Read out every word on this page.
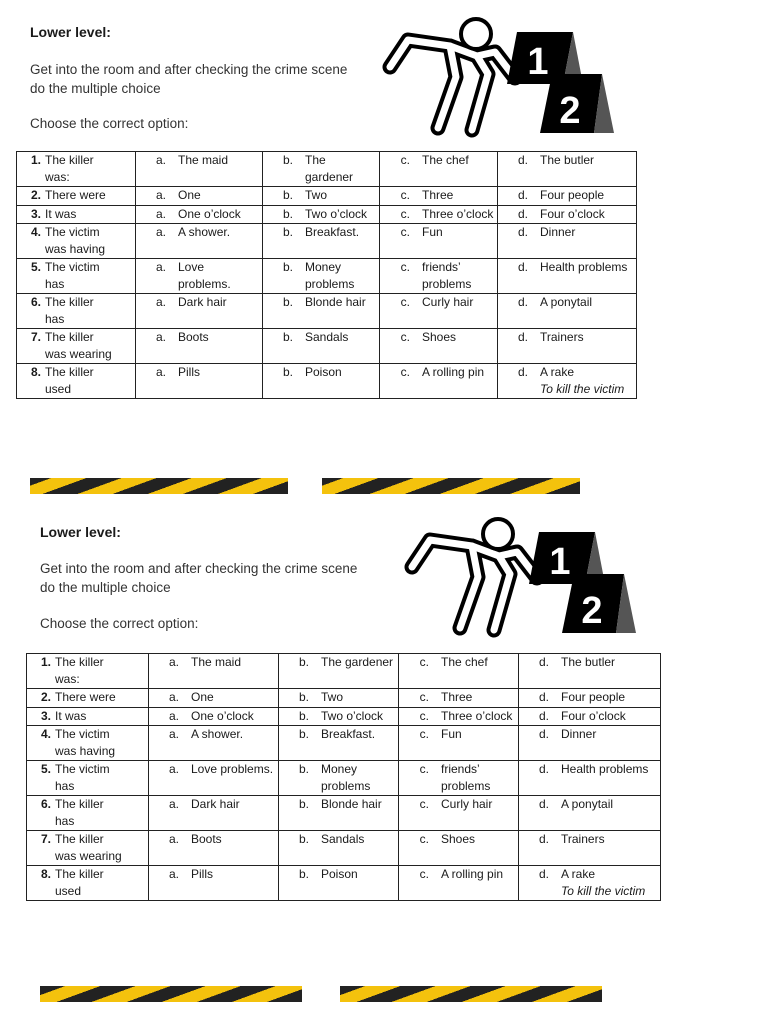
Lower level:
Get into the room and after checking the crime scene
do the multiple choice
Choose the correct option:
1
2
1. The killer was:	a. The maid	b. The gardener	c. The chef	d. The butler

2. There were	a. One	b. Two	c. Three	d. Four people

3. It was	a. One o’clock	b. Two o’clock	c. Three o’clock	d. Four o’clock

4. The victim was having	a. A shower.	b. Breakfast.	c. Fun	d. Dinner

5. The victim has	a. Love problems.	b. Money problems	c. friends’ problems	d. Health problems

6. The killer has	a. Dark hair	b. Blonde hair	c. Curly hair	d. A ponytail

7. The killer was wearing	a. Boots	b. Sandals	c. Shoes	d. Trainers

8. The killer used	a. Pills	b. Poison	c. A rolling pin	d. A rake
To kill the victim
Lower level:
Get into the room and after checking the crime scene
do the multiple choice
Choose the correct option:
1
2
1. The killer was:	a. The maid	b. The gardener	c. The chef	d. The butler

2. There were	a. One	b. Two	c. Three	d. Four people

3. It was	a. One o’clock	b. Two o’clock	c. Three o’clock	d. Four o’clock

4. The victim was having	a. A shower.	b. Breakfast.	c. Fun	d. Dinner

5. The victim has	a. Love problems.	b. Money problems	c. friends’ problems	d. Health problems

6. The killer has	a. Dark hair	b. Blonde hair	c. Curly hair	d. A ponytail

7. The killer was wearing	a. Boots	b. Sandals	c. Shoes	d. Trainers

8. The killer used	a. Pills	b. Poison	c. A rolling pin	d. A rake
To kill the victim
